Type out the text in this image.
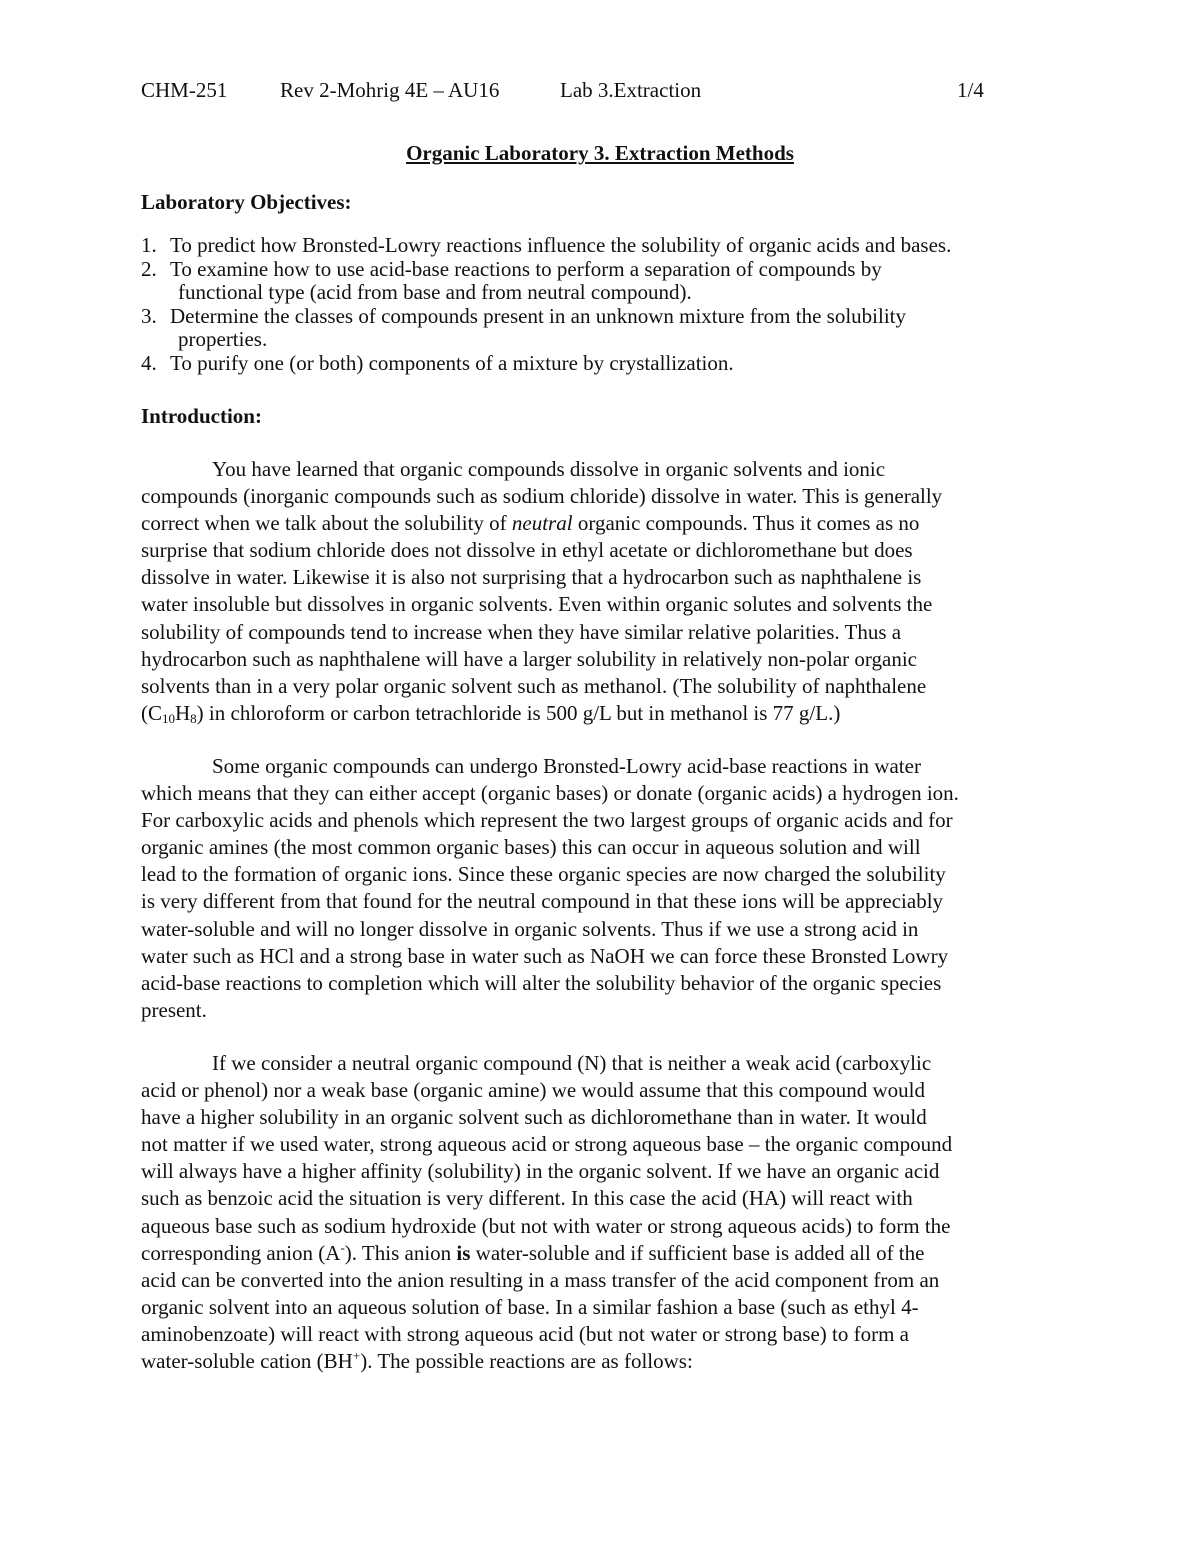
CHM-251	Rev 2-Mohrig 4E – AU16	Lab 3.Extraction	1/4
Organic Laboratory 3. Extraction Methods
Laboratory Objectives:
1. To predict how Bronsted-Lowry reactions influence the solubility of organic acids and bases.
2. To examine how to use acid-base reactions to perform a separation of compounds by
functional type (acid from base and from neutral compound).
3. Determine the classes of compounds present in an unknown mixture from the solubility
properties.
4. To purify one (or both) components of a mixture by crystallization.
Introduction:
You have learned that organic compounds dissolve in organic solvents and ionic
compounds (inorganic compounds such as sodium chloride) dissolve in water. This is generally
correct when we talk about the solubility of neutral organic compounds. Thus it comes as no
surprise that sodium chloride does not dissolve in ethyl acetate or dichloromethane but does
dissolve in water. Likewise it is also not surprising that a hydrocarbon such as naphthalene is
water insoluble but dissolves in organic solvents. Even within organic solutes and solvents the
solubility of compounds tend to increase when they have similar relative polarities. Thus a
hydrocarbon such as naphthalene will have a larger solubility in relatively non-polar organic
solvents than in a very polar organic solvent such as methanol. (The solubility of naphthalene
$(C_{10}H_8)$ in chloroform or carbon tetrachloride is 500 g/L but in methanol is 77 g/L.)
Some organic compounds can undergo Bronsted-Lowry acid-base reactions in water
which means that they can either accept (organic bases) or donate (organic acids) a hydrogen ion.
For carboxylic acids and phenols which represent the two largest groups of organic acids and for
organic amines (the most common organic bases) this can occur in aqueous solution and will
lead to the formation of organic ions. Since these organic species are now charged the solubility
is very different from that found for the neutral compound in that these ions will be appreciably
water-soluble and will no longer dissolve in organic solvents. Thus if we use a strong acid in
water such as HCl and a strong base in water such as NaOH we can force these Bronsted Lowry
acid-base reactions to completion which will alter the solubility behavior of the organic species
present.
If we consider a neutral organic compound (N) that is neither a weak acid (carboxylic
acid or phenol) nor a weak base (organic amine) we would assume that this compound would
have a higher solubility in an organic solvent such as dichloromethane than in water. It would
not matter if we used water, strong aqueous acid or strong aqueous base – the organic compound
will always have a higher affinity (solubility) in the organic solvent. If we have an organic acid
such as benzoic acid the situation is very different. In this case the acid (HA) will react with
aqueous base such as sodium hydroxide (but not with water or strong aqueous acids) to form the
corresponding anion (A-). This anion is water-soluble and if sufficient base is added all of the
acid can be converted into the anion resulting in a mass transfer of the acid component from an
organic solvent into an aqueous solution of base. In a similar fashion a base (such as ethyl 4-
aminobenzoate) will react with strong aqueous acid (but not water or strong base) to form a
water-soluble cation (BH+). The possible reactions are as follows:
